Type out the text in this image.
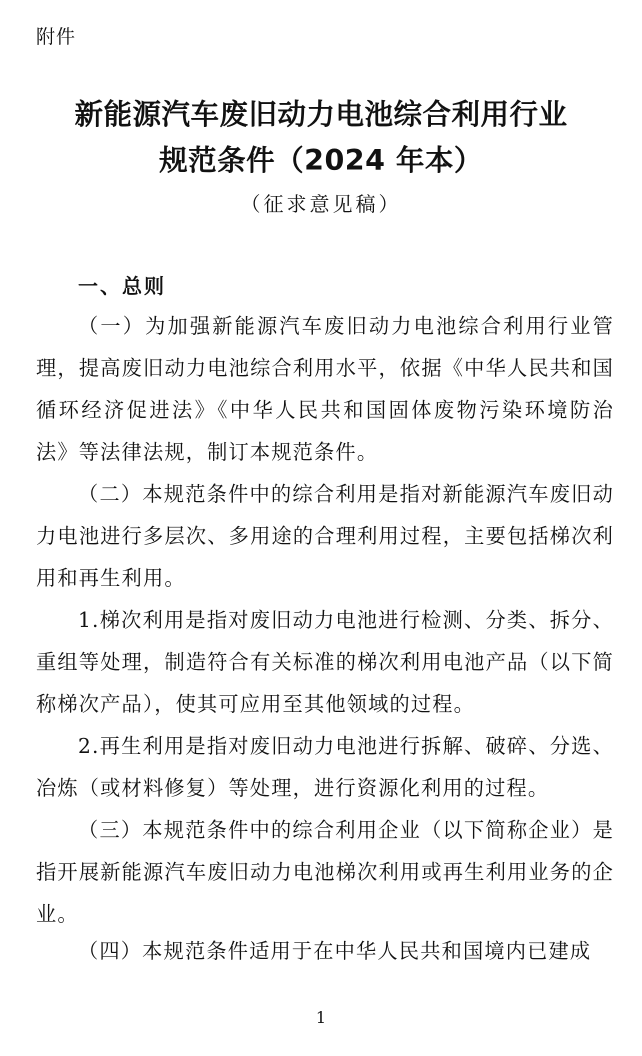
附件
新能源汽车废旧动力电池综合利用行业
规范条件（2024 年本）
（征求意见稿）
一、总则
（一）为加强新能源汽车废旧动力电池综合利用行业管理，提高废旧动力电池综合利用水平，依据《中华人民共和国循环经济促进法》《中华人民共和国固体废物污染环境防治法》等法律法规，制订本规范条件。
（二）本规范条件中的综合利用是指对新能源汽车废旧动力电池进行多层次、多用途的合理利用过程，主要包括梯次利用和再生利用。
1.梯次利用是指对废旧动力电池进行检测、分类、拆分、重组等处理，制造符合有关标准的梯次利用电池产品（以下简称梯次产品），使其可应用至其他领域的过程。
2.再生利用是指对废旧动力电池进行拆解、破碎、分选、冶炼（或材料修复）等处理，进行资源化利用的过程。
（三）本规范条件中的综合利用企业（以下简称企业）是指开展新能源汽车废旧动力电池梯次利用或再生利用业务的企业。
（四）本规范条件适用于在中华人民共和国境内已建成
1
